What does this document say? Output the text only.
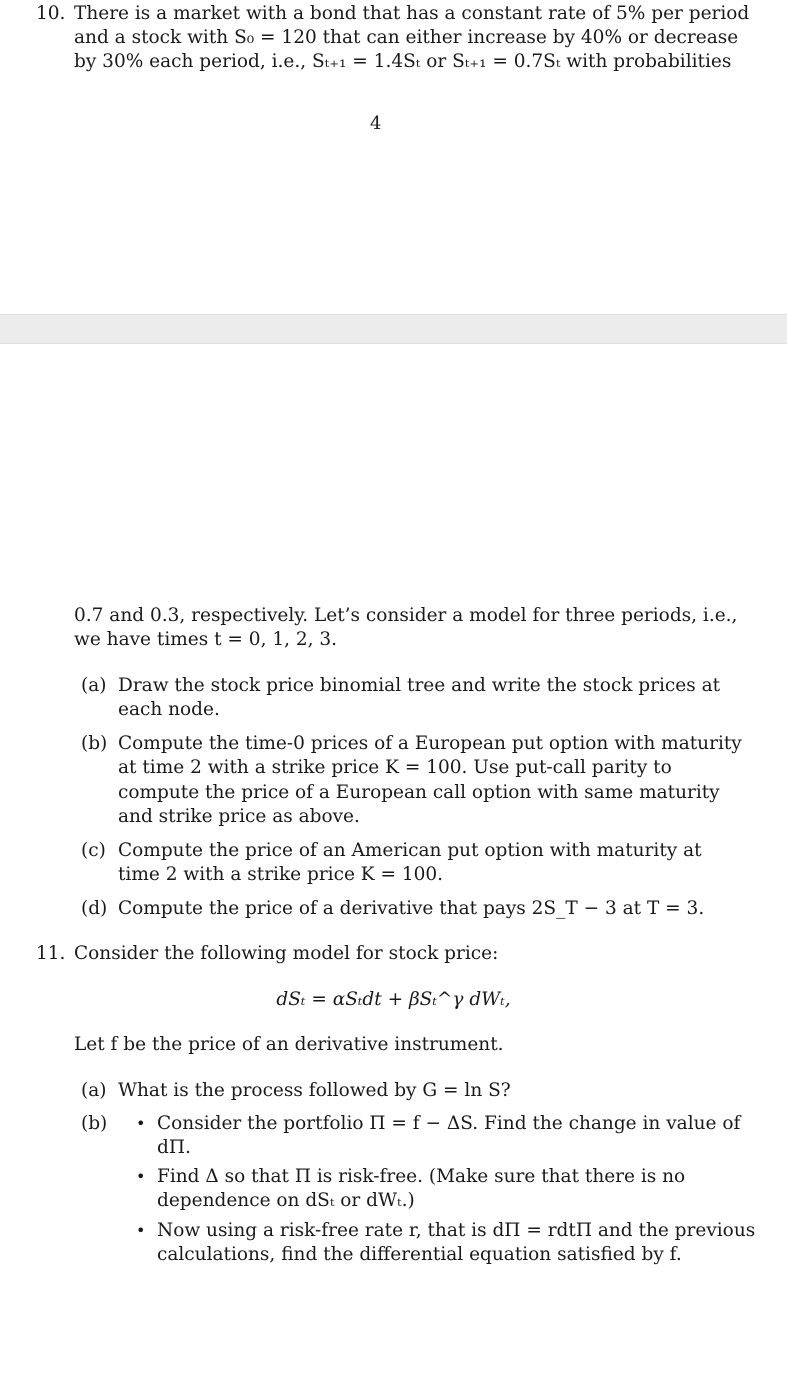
10. There is a market with a bond that has a constant rate of 5% per period
and a stock with S₀ = 120 that can either increase by 40% or decrease
by 30% each period, i.e., Sₜ₊₁ = 1.4Sₜ or Sₜ₊₁ = 0.7Sₜ with probabilities
4
0.7 and 0.3, respectively. Let’s consider a model for three periods, i.e.,
we have times t = 0, 1, 2, 3.
(a) Draw the stock price binomial tree and write the stock prices at
each node.
(b) Compute the time-0 prices of a European put option with maturity
at time 2 with a strike price K = 100. Use put-call parity to
compute the price of a European call option with same maturity
and strike price as above.
(c) Compute the price of an American put option with maturity at
time 2 with a strike price K = 100.
(d) Compute the price of a derivative that pays 2S_T − 3 at T = 3.
11. Consider the following model for stock price:
dSₜ = αSₜdt + βSₜ^γ dWₜ,
Let f be the price of an derivative instrument.
(a) What is the process followed by G = ln S?
(b) • Consider the portfolio Π = f − ΔS. Find the change in value of
dΠ.
• Find Δ so that Π is risk-free. (Make sure that there is no
dependence on dSₜ or dWₜ.)
• Now using a risk-free rate r, that is dΠ = rdtΠ and the previous
calculations, find the differential equation satisfied by f.
